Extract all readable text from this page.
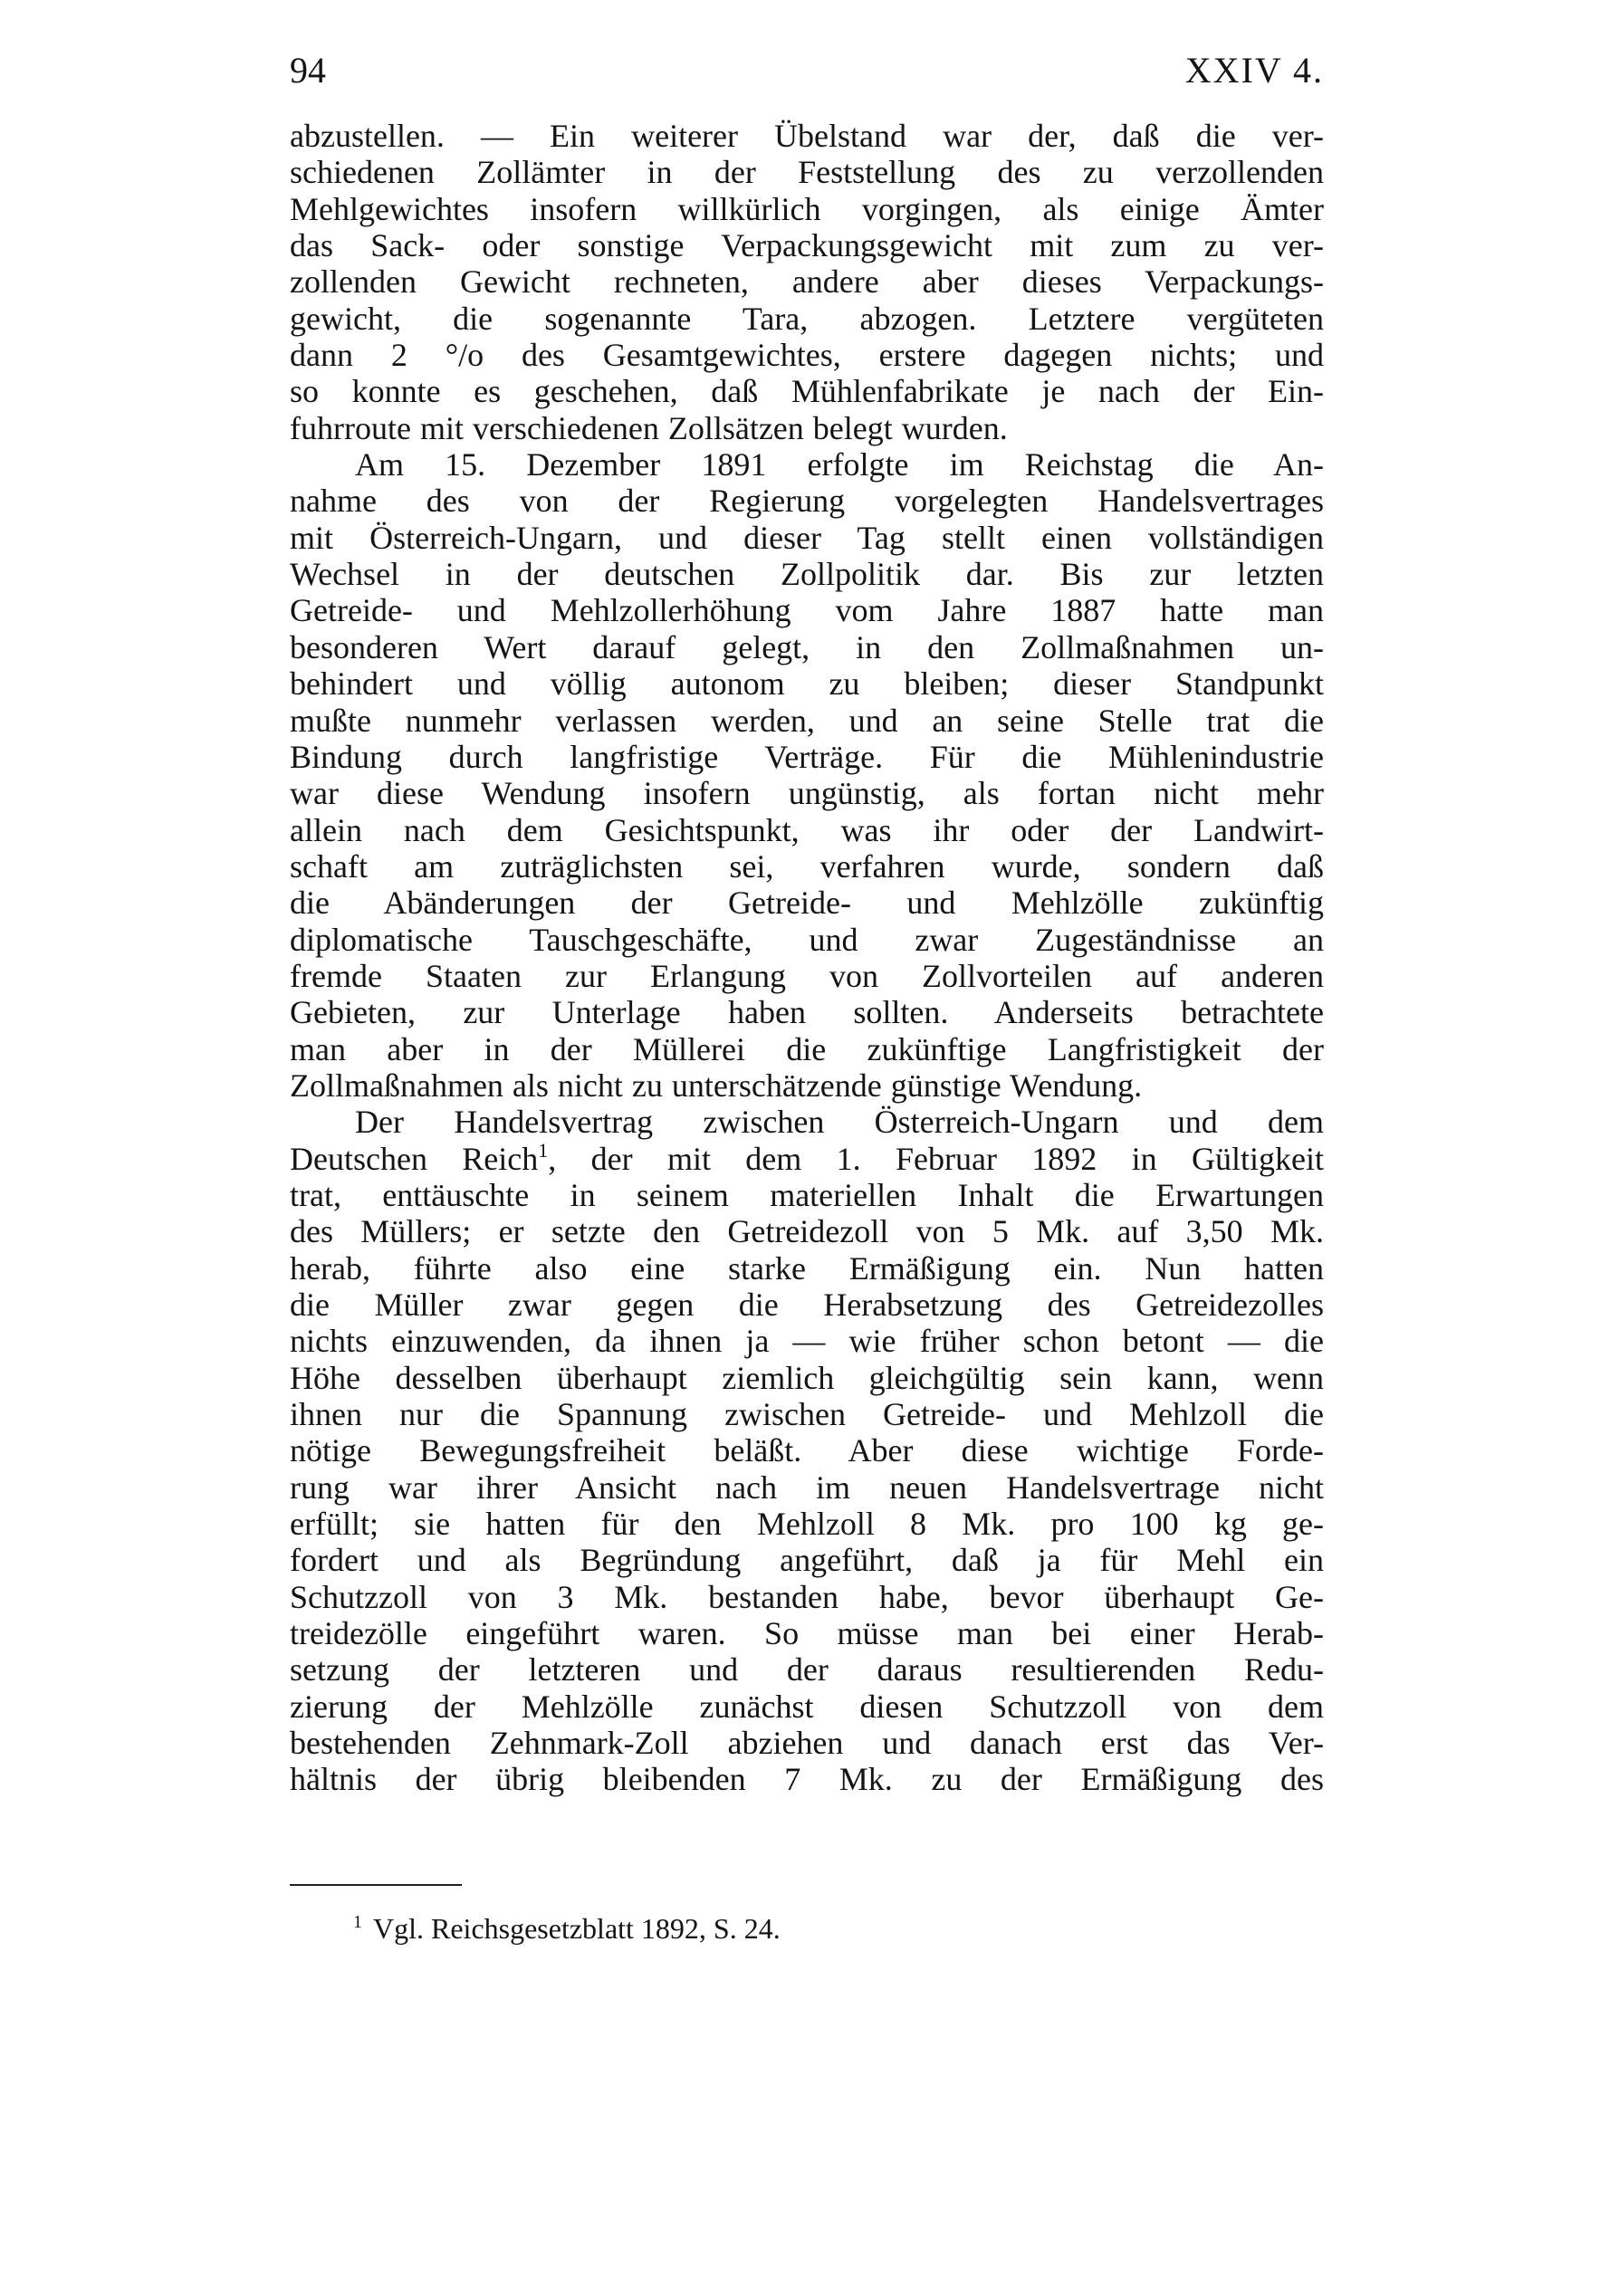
94	XXIV 4.
abzustellen. — Ein weiterer Übelstand war der, daß die ver-
schiedenen Zollämter in der Feststellung des zu verzollenden
Mehlgewichtes insofern willkürlich vorgingen, als einige Ämter
das Sack- oder sonstige Verpackungsgewicht mit zum zu ver-
zollenden Gewicht rechneten, andere aber dieses Verpackungs-
gewicht, die sogenannte Tara, abzogen. Letztere vergüteten
dann 2 °/o des Gesamtgewichtes, erstere dagegen nichts; und
so konnte es geschehen, daß Mühlenfabrikate je nach der Ein-
fuhrroute mit verschiedenen Zollsätzen belegt wurden.
Am 15. Dezember 1891 erfolgte im Reichstag die An-
nahme des von der Regierung vorgelegten Handelsvertrages
mit Österreich-Ungarn, und dieser Tag stellt einen vollständigen
Wechsel in der deutschen Zollpolitik dar. Bis zur letzten
Getreide- und Mehlzollerhöhung vom Jahre 1887 hatte man
besonderen Wert darauf gelegt, in den Zollmaßnahmen un-
behindert und völlig autonom zu bleiben; dieser Standpunkt
mußte nunmehr verlassen werden, und an seine Stelle trat die
Bindung durch langfristige Verträge. Für die Mühlenindustrie
war diese Wendung insofern ungünstig, als fortan nicht mehr
allein nach dem Gesichtspunkt, was ihr oder der Landwirt-
schaft am zuträglichsten sei, verfahren wurde, sondern daß
die Abänderungen der Getreide- und Mehlzölle zukünftig
diplomatische Tauschgeschäfte, und zwar Zugeständnisse an
fremde Staaten zur Erlangung von Zollvorteilen auf anderen
Gebieten, zur Unterlage haben sollten. Anderseits betrachtete
man aber in der Müllerei die zukünftige Langfristigkeit der
Zollmaßnahmen als nicht zu unterschätzende günstige Wendung.
Der Handelsvertrag zwischen Österreich-Ungarn und dem
Deutschen Reich$^1$, der mit dem 1. Februar 1892 in Gültigkeit
trat, enttäuschte in seinem materiellen Inhalt die Erwartungen
des Müllers; er setzte den Getreidezoll von 5 Mk. auf 3,50 Mk.
herab, führte also eine starke Ermäßigung ein. Nun hatten
die Müller zwar gegen die Herabsetzung des Getreidezolles
nichts einzuwenden, da ihnen ja — wie früher schon betont — die
Höhe desselben überhaupt ziemlich gleichgültig sein kann, wenn
ihnen nur die Spannung zwischen Getreide- und Mehlzoll die
nötige Bewegungsfreiheit beläßt. Aber diese wichtige Forde-
rung war ihrer Ansicht nach im neuen Handelsvertrage nicht
erfüllt; sie hatten für den Mehlzoll 8 Mk. pro 100 kg ge-
fordert und als Begründung angeführt, daß ja für Mehl ein
Schutzzoll von 3 Mk. bestanden habe, bevor überhaupt Ge-
treidezölle eingeführt waren. So müsse man bei einer Herab-
setzung der letzteren und der daraus resultierenden Redu-
zierung der Mehlzölle zunächst diesen Schutzzoll von dem
bestehenden Zehnmark-Zoll abziehen und danach erst das Ver-
hältnis der übrig bleibenden 7 Mk. zu der Ermäßigung des
$^1$ Vgl. Reichsgesetzblatt 1892, S. 24.
